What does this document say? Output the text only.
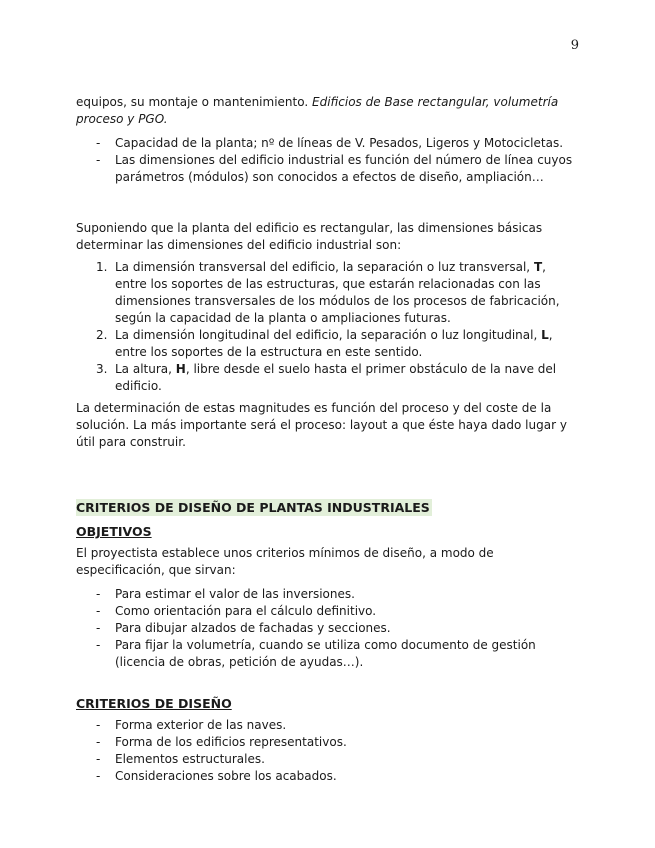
9

equipos, su montaje o mantenimiento. Edificios de Base rectangular, volumetría proceso y PGO.

- Capacidad de la planta; nº de líneas de V. Pesados, Ligeros y Motocicletas.
- Las dimensiones del edificio industrial es función del número de línea cuyos parámetros (módulos) son conocidos a efectos de diseño, ampliación…

Suponiendo que la planta del edificio es rectangular, las dimensiones básicas determinar las dimensiones del edificio industrial son:

1. La dimensión transversal del edificio, la separación o luz transversal, T, entre los soportes de las estructuras, que estarán relacionadas con las dimensiones transversales de los módulos de los procesos de fabricación, según la capacidad de la planta o ampliaciones futuras.
2. La dimensión longitudinal del edificio, la separación o luz longitudinal, L, entre los soportes de la estructura en este sentido.
3. La altura, H, libre desde el suelo hasta el primer obstáculo de la nave del edificio.

La determinación de estas magnitudes es función del proceso y del coste de la solución. La más importante será el proceso: layout a que éste haya dado lugar y útil para construir.

CRITERIOS DE DISEÑO DE PLANTAS INDUSTRIALES
OBJETIVOS

El proyectista establece unos criterios mínimos de diseño, a modo de especificación, que sirvan:

- Para estimar el valor de las inversiones.
- Como orientación para el cálculo definitivo.
- Para dibujar alzados de fachadas y secciones.
- Para fijar la volumetría, cuando se utiliza como documento de gestión (licencia de obras, petición de ayudas…).
CRITERIOS DE DISEÑO
- Forma exterior de las naves.
- Forma de los edificios representativos.
- Elementos estructurales.
- Consideraciones sobre los acabados.
